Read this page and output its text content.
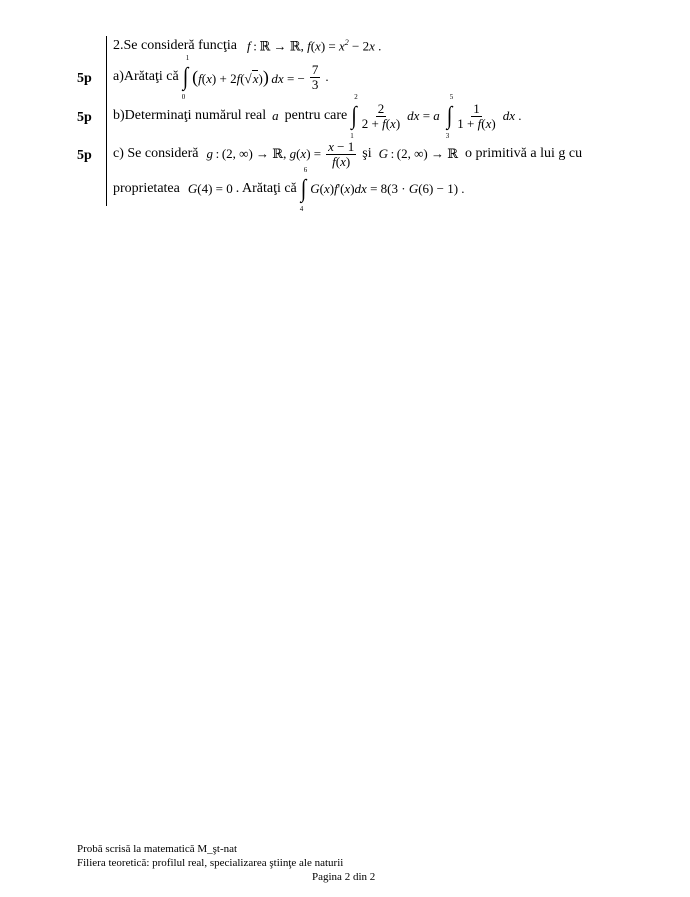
5p
5p
5p
2.Se consideră funcţia f : ℝ → ℝ, $f(x) = x^2 - 2x$ .
a)Arătaţi că ∫
1
0
(f(x) + 2f(√x))  dx = − $\frac{7}{3}$ .
b)Determinaţi numărul real a pentru care ∫
2
1
$\frac{2}{2 + f(x)}$ dx = a ∫
5
3
$\frac{1}{1 + f(x)}$ dx .
c) Se consideră g : (2, ∞) → ℝ, $g(x) = \frac{x - 1}{f(x)}$ şi G : (2, ∞) → ℝ o primitivă a lui g cu
proprietatea G(4) = 0 . Arătaţi că ∫
6
4
G(x)f'(x)dx = 8(3 · G(6) − 1) .
Probă scrisă la matematică M_şt-nat
Filiera teoretică: profilul real, specializarea ştiinţe ale naturii
Pagina 2 din 2
